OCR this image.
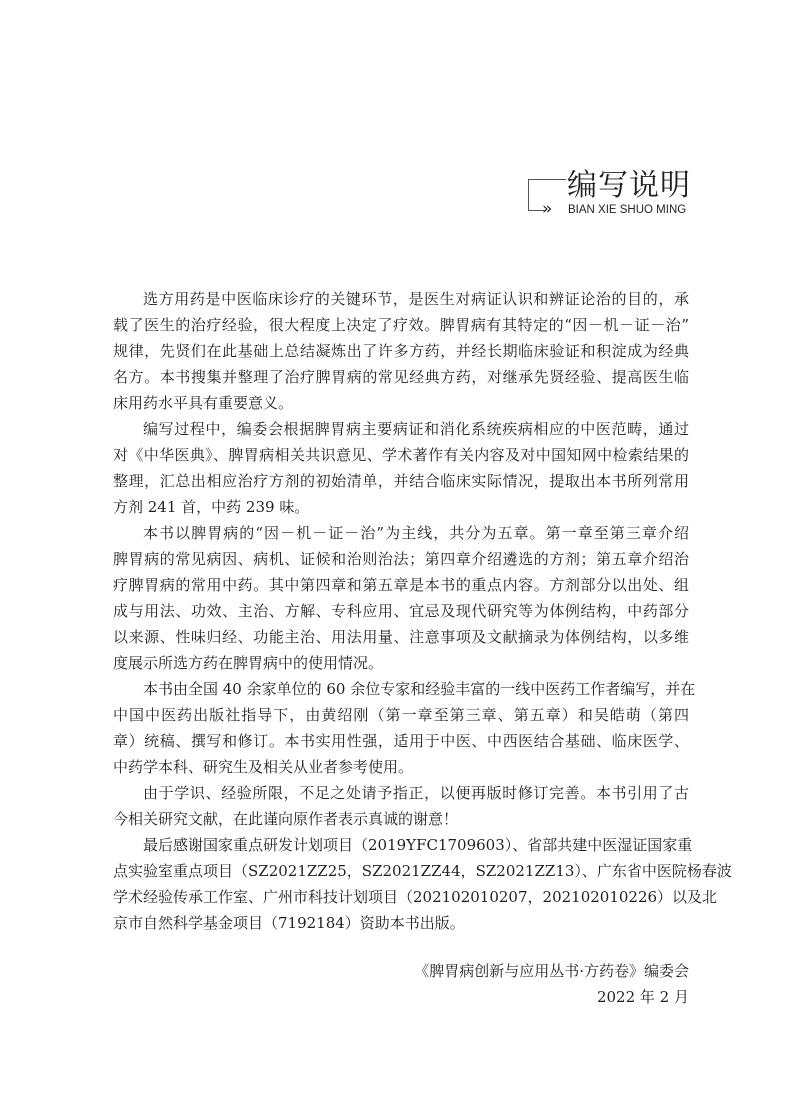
»
编写说明
BIAN XIE SHUO MING
选方用药是中医临床诊疗的关键环节，是医生对病证认识和辨证论治的目的，承
载了医生的治疗经验，很大程度上决定了疗效。脾胃病有其特定的“因－机－证－治”
规律，先贤们在此基础上总结凝炼出了许多方药，并经长期临床验证和积淀成为经典
名方。本书搜集并整理了治疗脾胃病的常见经典方药，对继承先贤经验、提高医生临
床用药水平具有重要意义。
编写过程中，编委会根据脾胃病主要病证和消化系统疾病相应的中医范畴，通过
对《中华医典》、脾胃病相关共识意见、学术著作有关内容及对中国知网中检索结果的
整理，汇总出相应治疗方剂的初始清单，并结合临床实际情况，提取出本书所列常用
方剂 241 首，中药 239 味。
本书以脾胃病的“因－机－证－治”为主线，共分为五章。第一章至第三章介绍
脾胃病的常见病因、病机、证候和治则治法；第四章介绍遴选的方剂；第五章介绍治
疗脾胃病的常用中药。其中第四章和第五章是本书的重点内容。方剂部分以出处、组
成与用法、功效、主治、方解、专科应用、宜忌及现代研究等为体例结构，中药部分
以来源、性味归经、功能主治、用法用量、注意事项及文献摘录为体例结构，以多维
度展示所选方药在脾胃病中的使用情况。
本书由全国 40 余家单位的 60 余位专家和经验丰富的一线中医药工作者编写，并在
中国中医药出版社指导下，由黄绍刚（第一章至第三章、第五章）和吴皓萌（第四
章）统稿、撰写和修订。本书实用性强，适用于中医、中西医结合基础、临床医学、
中药学本科、研究生及相关从业者参考使用。
由于学识、经验所限，不足之处请予指正，以便再版时修订完善。本书引用了古
今相关研究文献，在此谨向原作者表示真诚的谢意！
最后感谢国家重点研发计划项目（2019YFC1709603）、省部共建中医湿证国家重
点实验室重点项目（SZ2021ZZ25，SZ2021ZZ44，SZ2021ZZ13）、广东省中医院杨春波
学术经验传承工作室、广州市科技计划项目（202102010207，202102010226）以及北
京市自然科学基金项目（7192184）资助本书出版。
《脾胃病创新与应用丛书·方药卷》编委会
2022 年 2 月
